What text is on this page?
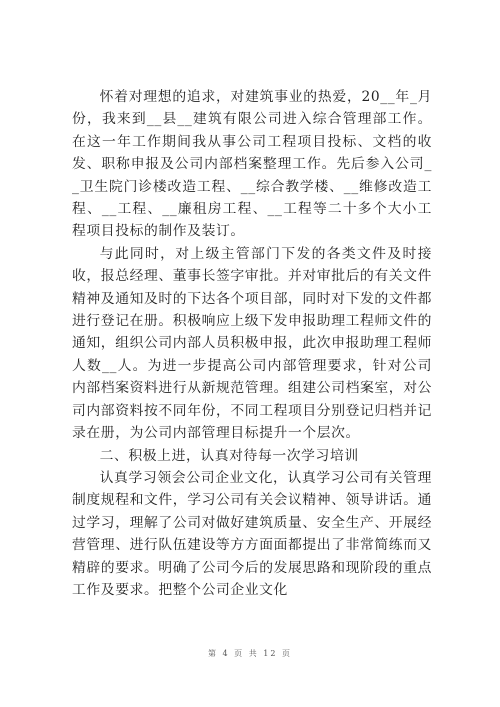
怀着对理想的追求，对建筑事业的热爱，20__年_月份，我来到__县__建筑有限公司进入综合管理部工作。在这一年工作期间我从事公司工程项目投标、文档的收发、职称申报及公司内部档案整理工作。先后参入公司__卫生院门诊楼改造工程、__综合教学楼、__维修改造工程、__工程、__廉租房工程、__工程等二十多个大小工程项目投标的制作及装订。

与此同时，对上级主管部门下发的各类文件及时接收，报总经理、董事长签字审批。并对审批后的有关文件精神及通知及时的下达各个项目部，同时对下发的文件都进行登记在册。积极响应上级下发申报助理工程师文件的通知，组织公司内部人员积极申报，此次申报助理工程师人数__人。为进一步提高公司内部管理要求，针对公司内部档案资料进行从新规范管理。组建公司档案室，对公司内部资料按不同年份，不同工程项目分别登记归档并记录在册，为公司内部管理目标提升一个层次。

二、积极上进，认真对待每一次学习培训

认真学习领会公司企业文化，认真学习公司有关管理制度规程和文件，学习公司有关会议精神、领导讲话。通过学习，理解了公司对做好建筑质量、安全生产、开展经营管理、进行队伍建设等方方面面都提出了非常简练而又精辟的要求。明确了公司今后的发展思路和现阶段的重点工作及要求。把整个公司企业文化

第 4 页 共 12 页
